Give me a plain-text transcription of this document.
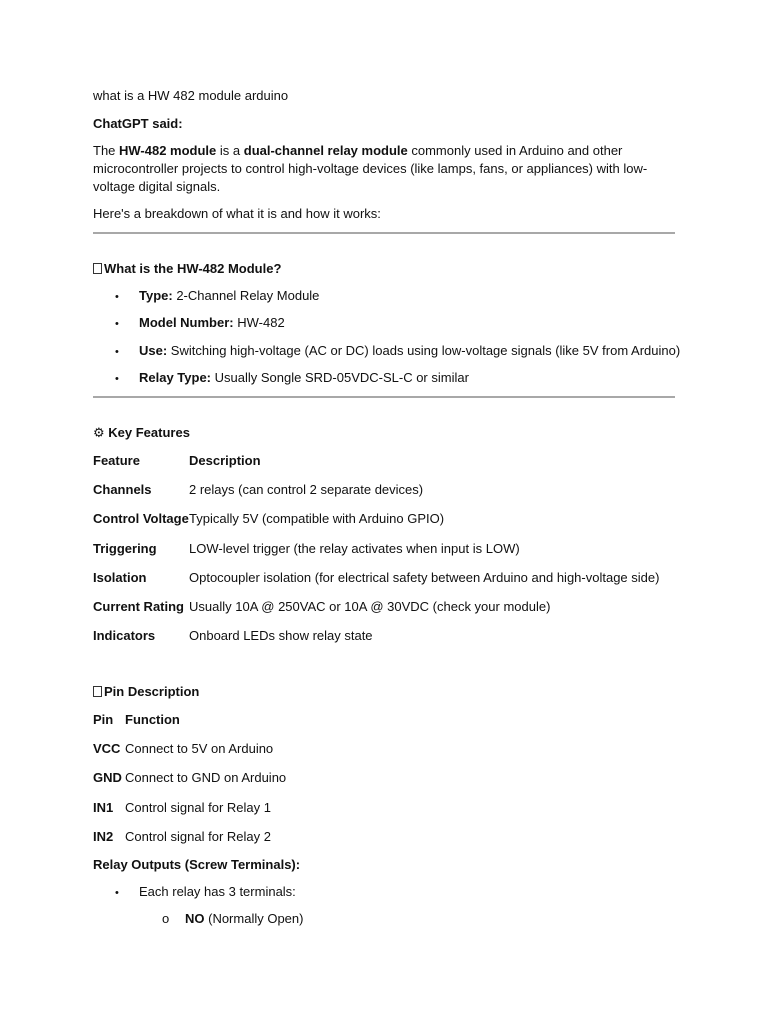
what is a HW 482 module arduino
ChatGPT said:
The HW-482 module is a dual-channel relay module commonly used in Arduino and other
microcontroller projects to control high-voltage devices (like lamps, fans, or appliances) with low-
voltage digital signals.
Here's a breakdown of what it is and how it works:
What is the HW-482 Module?
• Type: 2-Channel Relay Module
• Model Number: HW-482
• Use: Switching high-voltage (AC or DC) loads using low-voltage signals (like 5V from Arduino)
• Relay Type: Usually Songle SRD-05VDC-SL-C or similar
⚙ Key Features
Feature	Description
Channels	2 relays (can control 2 separate devices)
Control Voltage Typically 5V (compatible with Arduino GPIO)
Triggering LOW-level trigger (the relay activates when input is LOW)
Isolation	Optocoupler isolation (for electrical safety between Arduino and high-voltage side)
Current Rating Usually 10A @ 250VAC or 10A @ 30VDC (check your module)
Indicators	Onboard LEDs show relay state
Pin Description
Pin Function
VCC Connect to 5V on Arduino
GND Connect to GND on Arduino
IN1 Control signal for Relay 1
IN2 Control signal for Relay 2
Relay Outputs (Screw Terminals):
• Each relay has 3 terminals:
o NO (Normally Open)
